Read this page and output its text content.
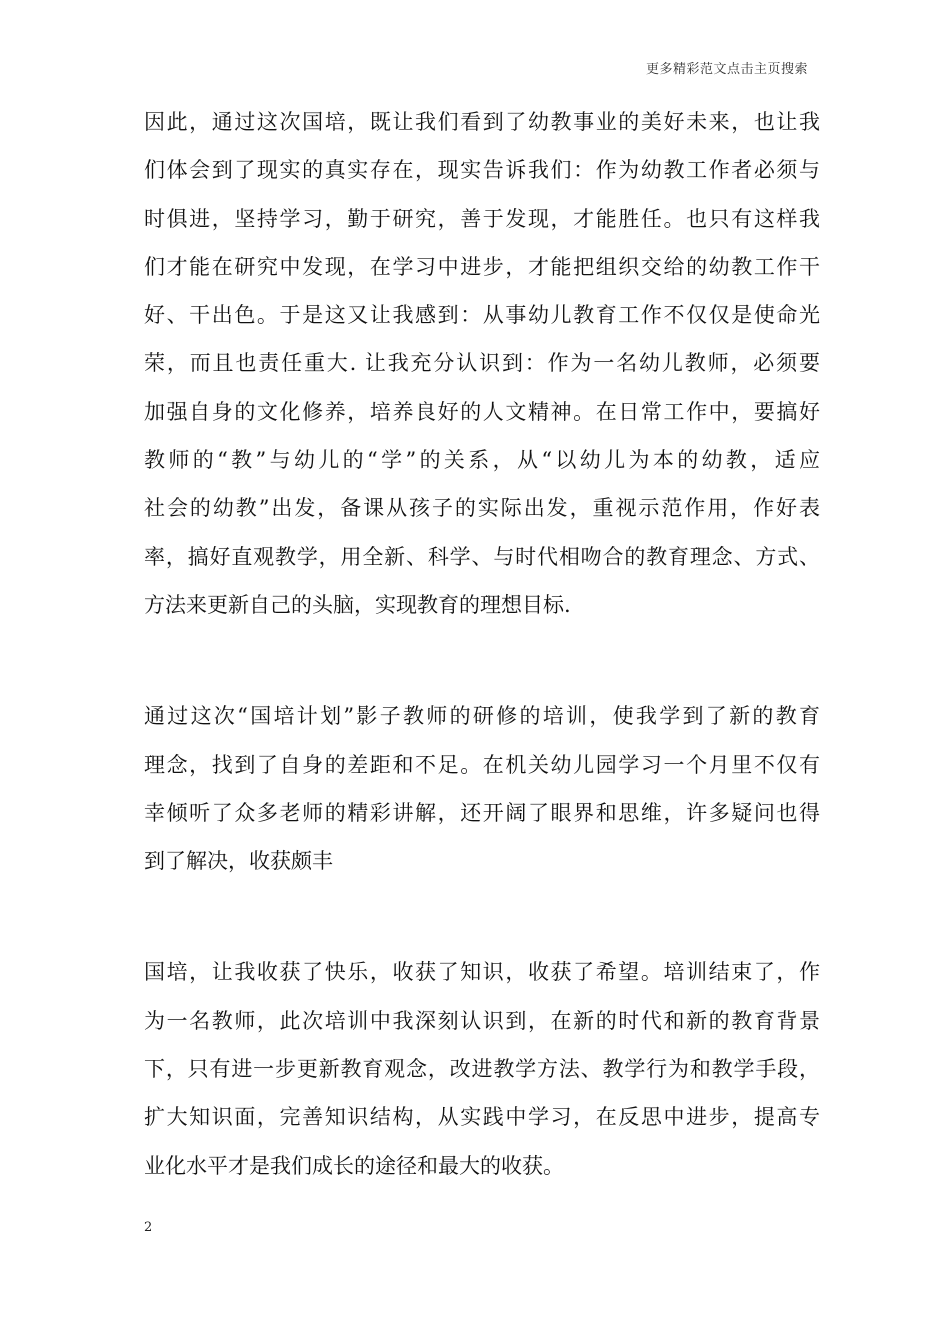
更多精彩范文点击主页搜索
因此，通过这次国培，既让我们看到了幼教事业的美好未来，也让我
们体会到了现实的真实存在，现实告诉我们：作为幼教工作者必须与
时俱进，坚持学习，勤于研究，善于发现，才能胜任。也只有这样我
们才能在研究中发现，在学习中进步，才能把组织交给的幼教工作干
好、干出色。于是这又让我感到：从事幼儿教育工作不仅仅是使命光
荣，而且也责任重大. 让我充分认识到：作为一名幼儿教师，必须要
加强自身的文化修养，培养良好的人文精神。在日常工作中，要搞好
教师的“教”与幼儿的“学”的关系，从“以幼儿为本的幼教，适应
社会的幼教”出发，备课从孩子的实际出发，重视示范作用，作好表
率，搞好直观教学，用全新、科学、与时代相吻合的教育理念、方式、
方法来更新自己的头脑，实现教育的理想目标.
通过这次“国培计划”影子教师的研修的培训，使我学到了新的教育
理念，找到了自身的差距和不足。在机关幼儿园学习一个月里不仅有
幸倾听了众多老师的精彩讲解，还开阔了眼界和思维，许多疑问也得
到了解决，收获颇丰
国培，让我收获了快乐，收获了知识，收获了希望。培训结束了，作
为一名教师，此次培训中我深刻认识到，在新的时代和新的教育背景
下，只有进一步更新教育观念，改进教学方法、教学行为和教学手段，
扩大知识面，完善知识结构，从实践中学习，在反思中进步，提高专
业化水平才是我们成长的途径和最大的收获。
2
